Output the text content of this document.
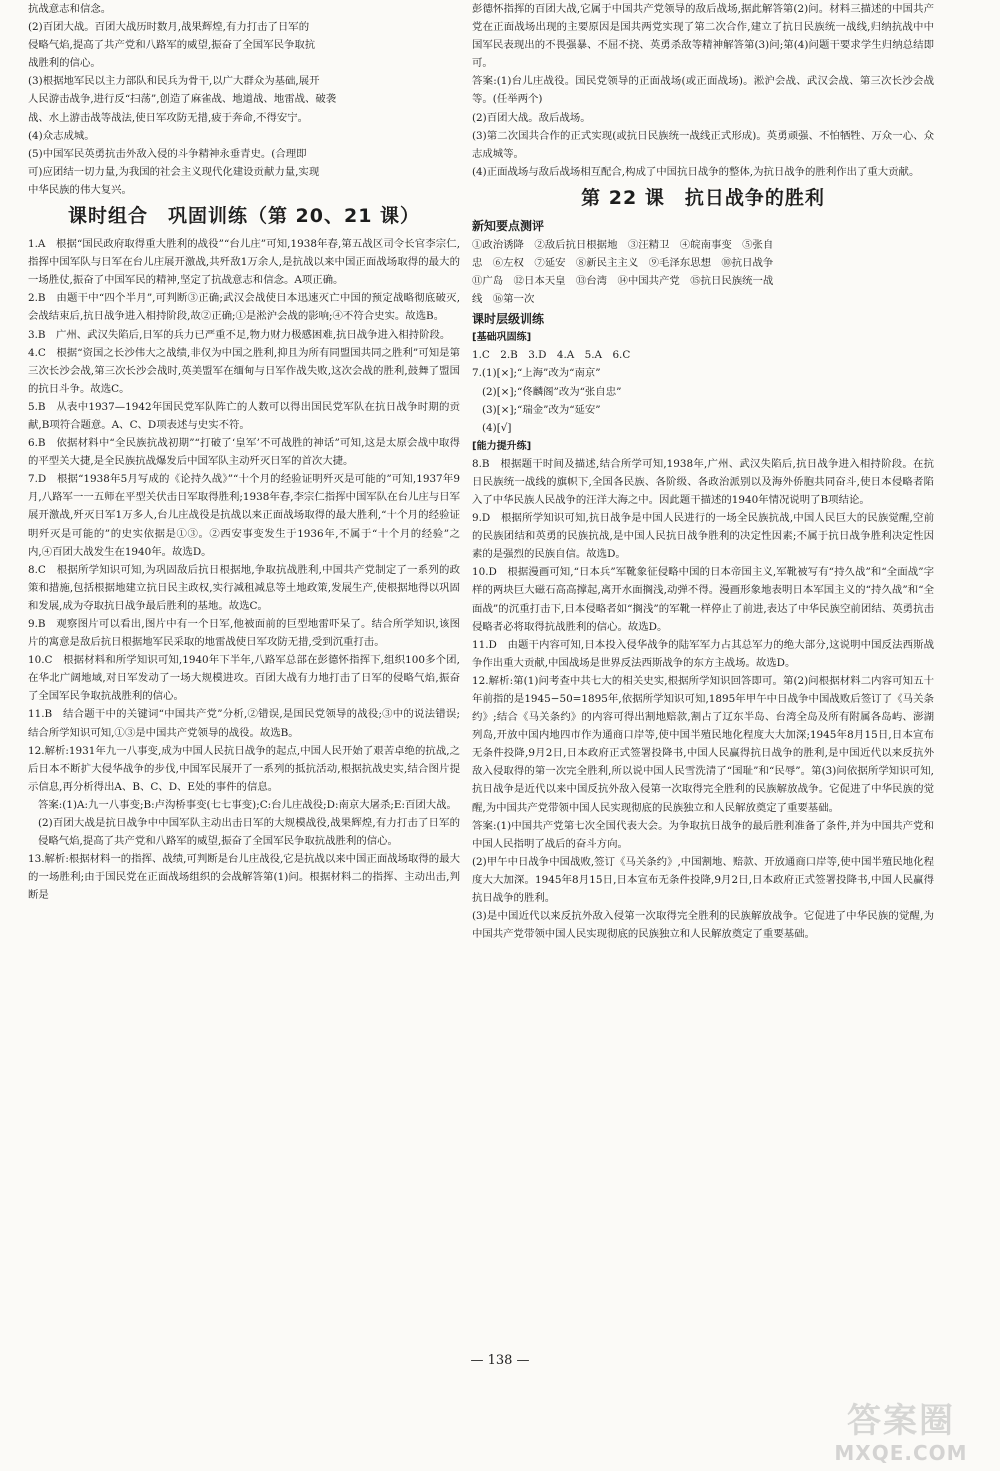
抗战意志和信念。

(2)百团大战。百团大战历时数月,战果辉煌,有力打击了日军的

侵略气焰,提高了共产党和八路军的威望,振奋了全国军民争取抗

战胜利的信心。

(3)根据地军民以主力部队和民兵为骨干,以广大群众为基础,展开

人民游击战争,进行反“扫荡”,创造了麻雀战、地道战、地雷战、破袭

战、水上游击战等战法,使日军攻防无措,疲于奔命,不得安宁。

(4)众志成城。

(5)中国军民英勇抗击外敌入侵的斗争精神永垂青史。(合理即

可)应团结一切力量,为我国的社会主义现代化建设贡献力量,实现

中华民族的伟大复兴。

课时组合　巩固训练（第 20、21 课）

1.A　根据“国民政府取得重大胜利的战役”“台儿庄”可知,1938年春,第五战区司令长官李宗仁,指挥中国军队与日军在台儿庄展开激战,共歼敌1万余人,是抗战以来中国正面战场取得的最大的一场胜仗,振奋了中国军民的精神,坚定了抗战意志和信念。A项正确。

2.B　由题干中“四个半月”,可判断③正确;武汉会战使日本迅速灭亡中国的预定战略彻底破灭,会战结束后,抗日战争进入相持阶段,故②正确;①是淞沪会战的影响;④不符合史实。故选B。

3.B　广州、武汉失陷后,日军的兵力已严重不足,物力财力极感困难,抗日战争进入相持阶段。

4.C　根据“资国之长沙伟大之战绩,非仅为中国之胜利,抑且为所有同盟国共同之胜利”可知是第三次长沙会战,第三次长沙会战时,英美盟军在缅甸与日军作战失败,这次会战的胜利,鼓舞了盟国的抗日斗争。故选C。

5.B　从表中1937—1942年国民党军队阵亡的人数可以得出国民党军队在抗日战争时期的贡献,B项符合题意。A、C、D项表述与史实不符。

6.B　依据材料中“全民族抗战初期”“打破了‘皇军’不可战胜的神话”可知,这是太原会战中取得的平型关大捷,是全民族抗战爆发后中国军队主动歼灭日军的首次大捷。

7.D　根据“1938年5月写成的《论持久战》”“十个月的经验证明歼灭是可能的”可知,1937年9月,八路军一一五师在平型关伏击日军取得胜利;1938年春,李宗仁指挥中国军队在台儿庄与日军展开激战,歼灭日军1万多人,台儿庄战役是抗战以来正面战场取得的最大胜利,“十个月的经验证明歼灭是可能的”的史实依据是①③。②西安事变发生于1936年,不属于“十个月的经验”之内,④百团大战发生在1940年。故选D。

8.C　根据所学知识可知,为巩固敌后抗日根据地,争取抗战胜利,中国共产党制定了一系列的政策和措施,包括根据地建立抗日民主政权,实行减租减息等土地政策,发展生产,使根据地得以巩固和发展,成为夺取抗日战争最后胜利的基地。故选C。

9.B　观察图片可以看出,图片中有一个日军,他被面前的巨型地雷吓呆了。结合所学知识,该图片的寓意是敌后抗日根据地军民采取的地雷战使日军攻防无措,受到沉重打击。

10.C　根据材料和所学知识可知,1940年下半年,八路军总部在彭德怀指挥下,组织100多个团,在华北广阔地域,对日军发动了一场大规模进攻。百团大战有力地打击了日军的侵略气焰,振奋了全国军民争取抗战胜利的信心。

11.B　结合题干中的关键词“中国共产党”分析,②错误,是国民党领导的战役;③中的说法错误;结合所学知识可知,①③是中国共产党领导的战役。故选B。

12.解析:1931年九一八事变,成为中国人民抗日战争的起点,中国人民开始了艰苦卓绝的抗战,之后日本不断扩大侵华战争的步伐,中国军民展开了一系列的抵抗活动,根据抗战史实,结合图片提示信息,再分析得出A、B、C、D、E处的事件的信息。

答案:(1)A:九一八事变;B:卢沟桥事变(七七事变);C:台儿庄战役;D:南京大屠杀;E:百团大战。

(2)百团大战是抗日战争中中国军队主动出击日军的大规模战役,战果辉煌,有力打击了日军的侵略气焰,提高了共产党和八路军的威望,振奋了全国军民争取抗战胜利的信心。

13.解析:根据材料一的指挥、战绩,可判断是台儿庄战役,它是抗战以来中国正面战场取得的最大的一场胜利;由于国民党在正面战场组织的会战解答第(1)问。根据材料二的指挥、主动出击,判断是

彭德怀指挥的百团大战,它属于中国共产党领导的敌后战场,据此解答第(2)问。材料三描述的中国共产党在正面战场出现的主要原因是国共两党实现了第二次合作,建立了抗日民族统一战线,归纳抗战中中国军民表现出的不畏强暴、不屈不挠、英勇杀敌等精神解答第(3)问;第(4)问题干要求学生归纳总结即可。

答案:(1)台儿庄战役。国民党领导的正面战场(或正面战场)。淞沪会战、武汉会战、第三次长沙会战等。(任举两个)

(2)百团大战。敌后战场。

(3)第二次国共合作的正式实现(或抗日民族统一战线正式形成)。英勇顽强、不怕牺牲、万众一心、众志成城等。

(4)正面战场与敌后战场相互配合,构成了中国抗日战争的整体,为抗日战争的胜利作出了重大贡献。

第 22 课　抗日战争的胜利
新知要点测评

①政治诱降　②敌后抗日根据地　③汪精卫　④皖南事变　⑤张自

忠　⑥左权　⑦延安　⑧新民主主义　⑨毛泽东思想　⑩抗日战争

⑪广岛　⑫日本天皇　⑬台湾　⑭中国共产党　⑮抗日民族统一战

线　⑯第一次

课时层级训练
[基础巩固练]

1.C　2.B　3.D　4.A　5.A　6.C

7.(1)[×];“上海”改为“南京”

(2)[×];“佟麟阁”改为“张自忠”

(3)[×];“瑞金”改为“延安”

(4)[√]

[能力提升练]

8.B　根据题干时间及描述,结合所学可知,1938年,广州、武汉失陷后,抗日战争进入相持阶段。在抗日民族统一战线的旗帜下,全国各民族、各阶级、各政治派别以及海外侨胞共同奋斗,使日本侵略者陷入了中华民族人民战争的汪洋大海之中。因此题干描述的1940年情况说明了B项结论。

9.D　根据所学知识可知,抗日战争是中国人民进行的一场全民族抗战,中国人民巨大的民族觉醒,空前的民族团结和英勇的民族抗战,是中国人民抗日战争胜利的决定性因素;不属于抗日战争胜利决定性因素的是强烈的民族自信。故选D。

10.D　根据漫画可知,“日本兵”军靴象征侵略中国的日本帝国主义,军靴被写有“持久战”和“全面战”字样的两块巨大磁石高高撑起,离开水面搁浅,动弹不得。漫画形象地表明日本军国主义的“持久战”和“全面战”的沉重打击下,日本侵略者如“搁浅”的军靴一样停止了前进,表达了中华民族空前团结、英勇抗击侵略者必将取得抗战胜利的信心。故选D。

11.D　由题干内容可知,日本投入侵华战争的陆军军力占其总军力的绝大部分,这说明中国反法西斯战争作出重大贡献,中国战场是世界反法西斯战争的东方主战场。故选D。

12.解析:第(1)问考查中共七大的相关史实,根据所学知识回答即可。第(2)问根据材料二内容可知五十年前指的是1945−50=1895年,依据所学知识可知,1895年甲午中日战争中国战败后签订了《马关条约》;结合《马关条约》的内容可得出割地赔款,割占了辽东半岛、台湾全岛及所有附属各岛屿、澎湖列岛,开放中国内地四市作为通商口岸等,使中国半殖民地化程度大大加深;1945年8月15日,日本宣布无条件投降,9月2日,日本政府正式签署投降书,中国人民赢得抗日战争的胜利,是中国近代以来反抗外敌入侵取得的第一次完全胜利,所以说中国人民雪洗清了“国耻”和“民辱”。第(3)问依据所学知识可知,抗日战争是近代以来中国反抗外敌入侵第一次取得完全胜利的民族解放战争。它促进了中华民族的觉醒,为中国共产党带领中国人民实现彻底的民族独立和人民解放奠定了重要基础。

答案:(1)中国共产党第七次全国代表大会。为争取抗日战争的最后胜利准备了条件,并为中国共产党和中国人民指明了战后的奋斗方向。

(2)甲午中日战争中国战败,签订《马关条约》,中国割地、赔款、开放通商口岸等,使中国半殖民地化程度大大加深。1945年8月15日,日本宣布无条件投降,9月2日,日本政府正式签署投降书,中国人民赢得抗日战争的胜利。

(3)是中国近代以来反抗外敌入侵第一次取得完全胜利的民族解放战争。它促进了中华民族的觉醒,为中国共产党带领中国人民实现彻底的民族独立和人民解放奠定了重要基础。

— 138 —
答案圈
MXQE.COM
